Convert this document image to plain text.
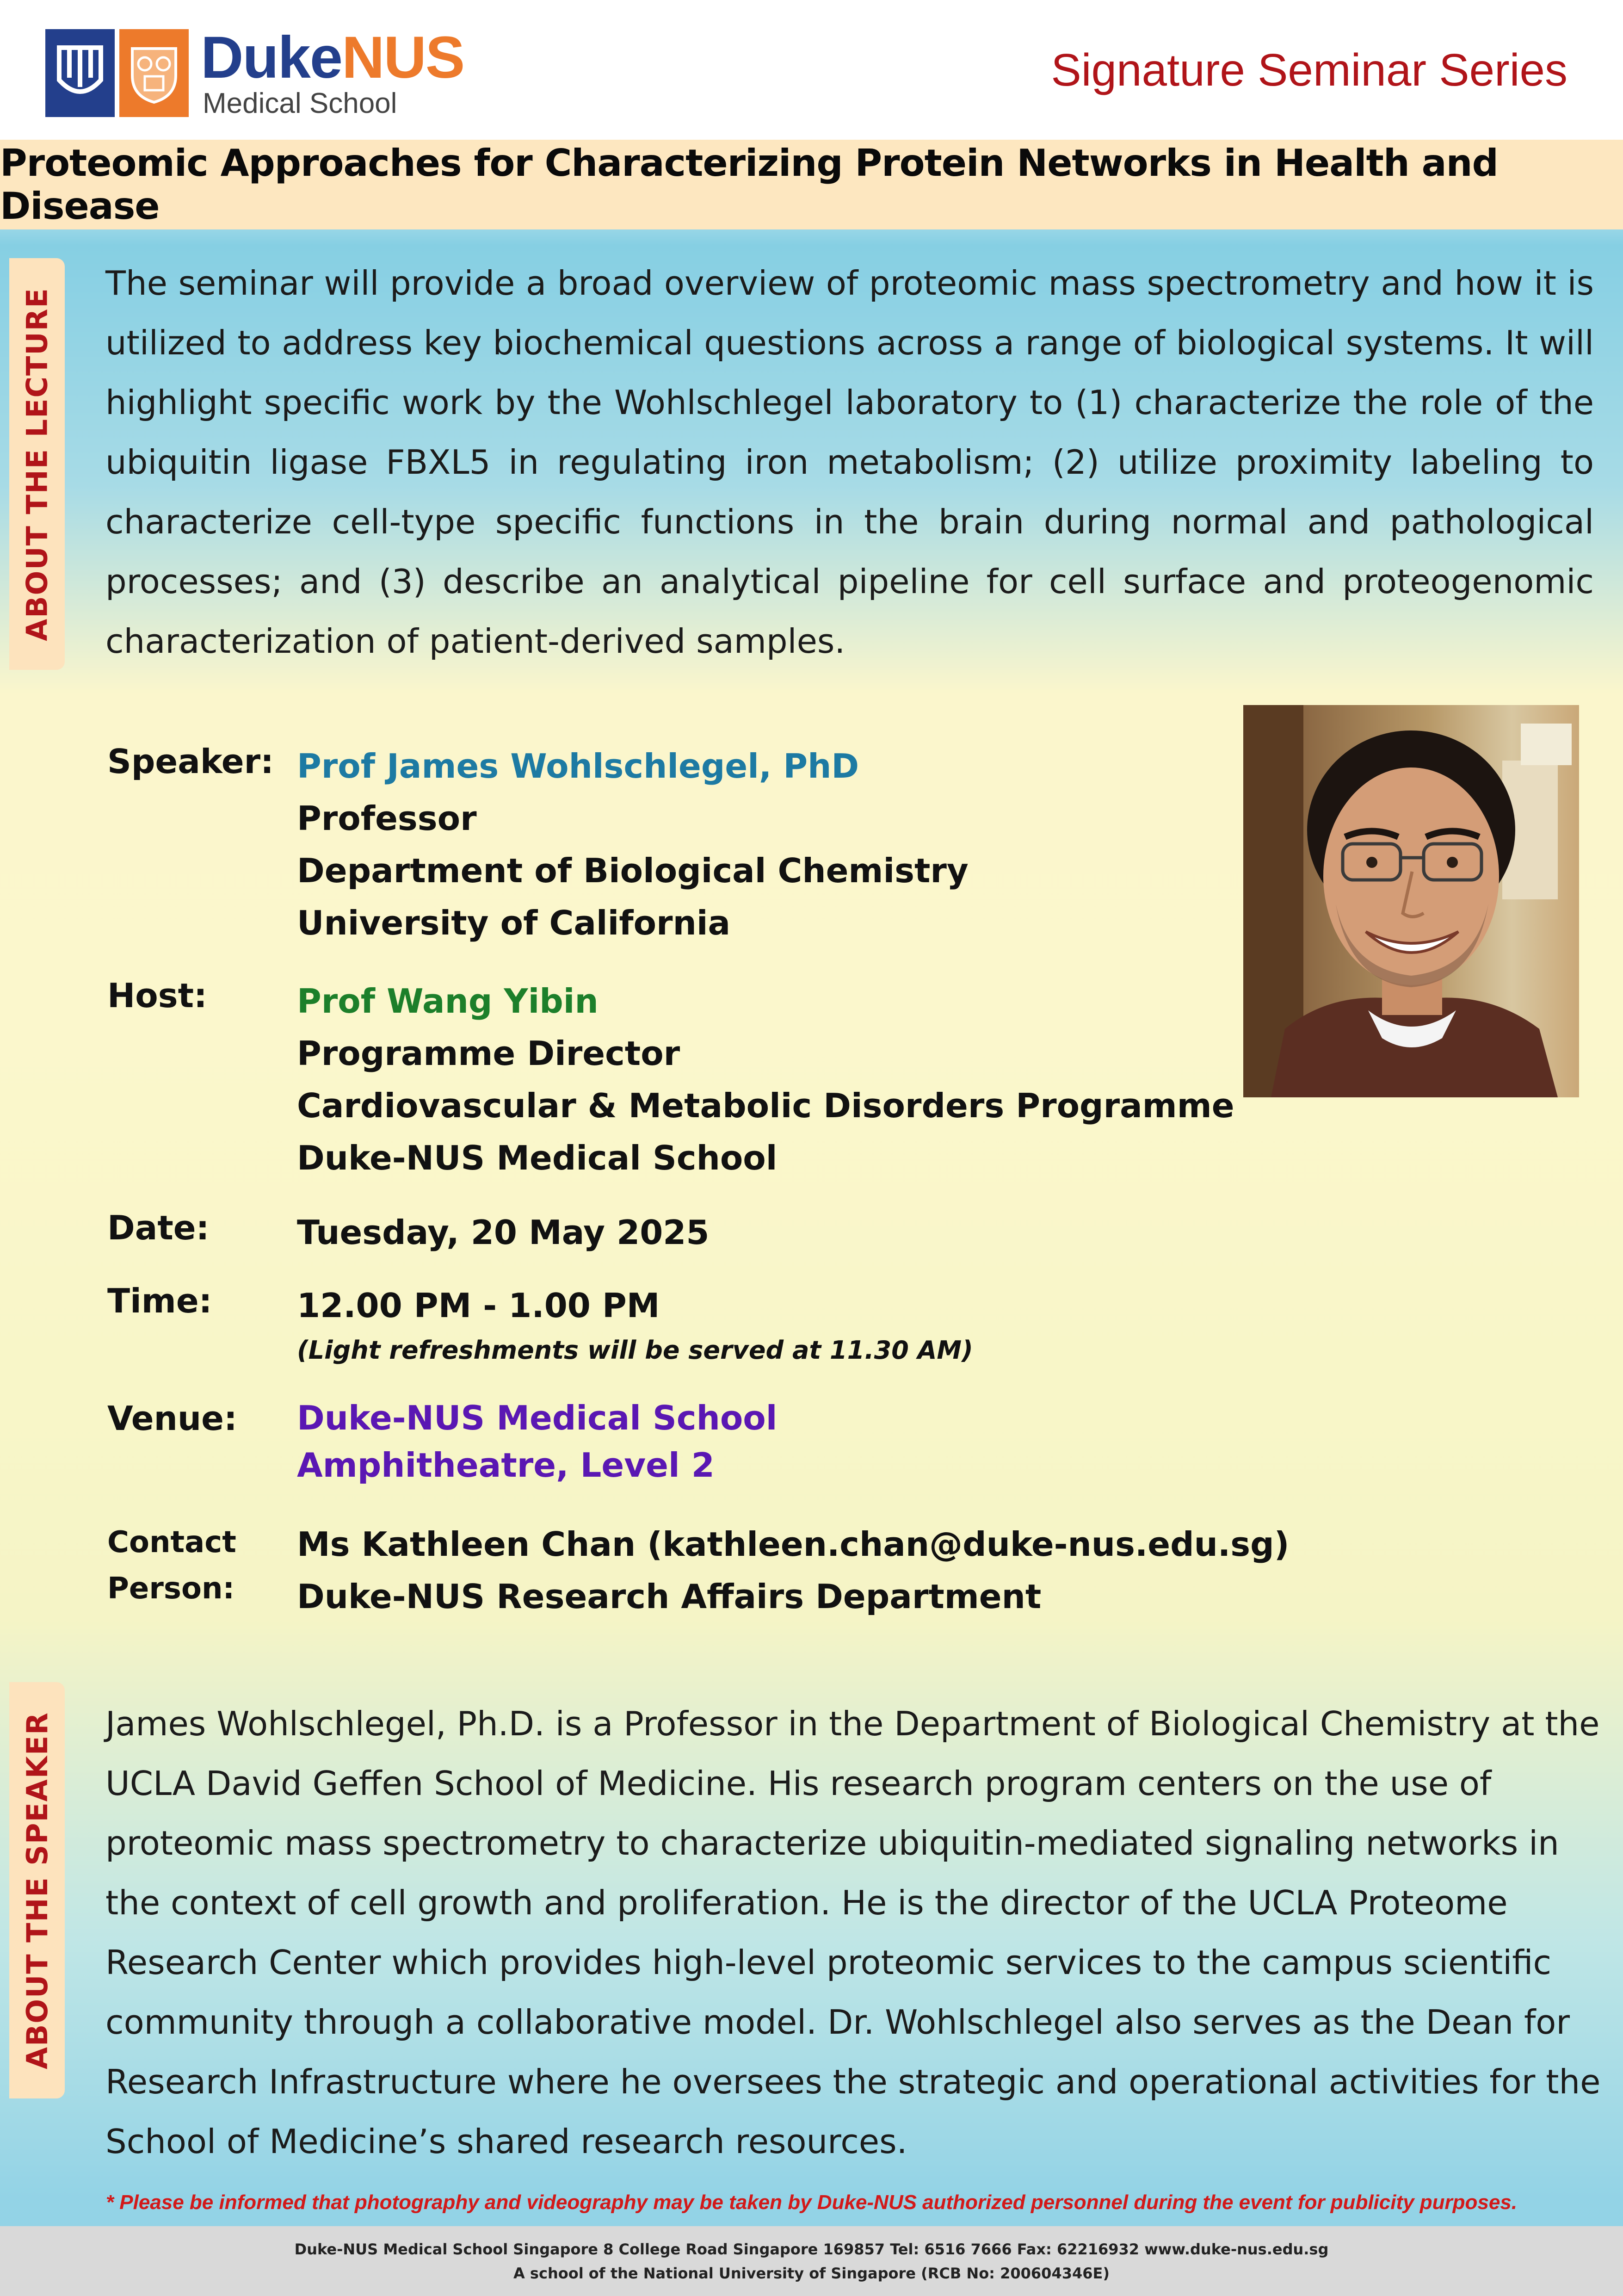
DukeNUS
Medical School
Signature Seminar Series
Proteomic Approaches for Characterizing Protein Networks in Health and Disease
ABOUT THE LECTURE

The seminar will provide a broad overview of proteomic mass spectrometry and how it is utilized to address key biochemical questions across a range of biological systems. It will highlight specific work by the Wohlschlegel laboratory to (1) characterize the role of the ubiquitin ligase FBXL5 in regulating iron metabolism; (2) utilize proximity labeling to characterize cell-type specific functions in the brain during normal and pathological processes; and (3) describe an analytical pipeline for cell surface and proteogenomic characterization of patient-derived samples.

Speaker: Prof James Wohlschlegel, PhD
Professor
Department of Biological Chemistry
University of California
Host:	Prof Wang Yibin
Programme Director
Cardiovascular & Metabolic Disorders Programme
Duke-NUS Medical School
Date:	Tuesday, 20 May 2025
Time:	12.00 PM - 1.00 PM
(Light refreshments will be served at 11.30 AM)
Venue: Duke-NUS Medical School
Amphitheatre, Level 2
Contact
Person:
Ms Kathleen Chan (kathleen.chan@duke-nus.edu.sg)
Duke-NUS Research Affairs Department
ABOUT THE SPEAKER James Wohlschlegel, Ph.D. is a Professor in the Department of Biological Chemistry at the UCLA David Geffen School of Medicine. His research program centers on the use of proteomic mass spectrometry to characterize ubiquitin-mediated signaling networks in the context of cell growth and proliferation. He is the director of the UCLA Proteome Research Center which provides high-level proteomic services to the campus scientific community through a collaborative model. Dr. Wohlschlegel also serves as the Dean for Research Infrastructure where he oversees the strategic and operational activities for the School of Medicine’s shared research resources.

* Please be informed that photography and videography may be taken by Duke-NUS authorized personnel during the event for publicity purposes.
Duke-NUS Medical School Singapore 8 College Road Singapore 169857 Tel: 6516 7666 Fax: 62216932 www.duke-nus.edu.sg
A school of the National University of Singapore (RCB No: 200604346E)
